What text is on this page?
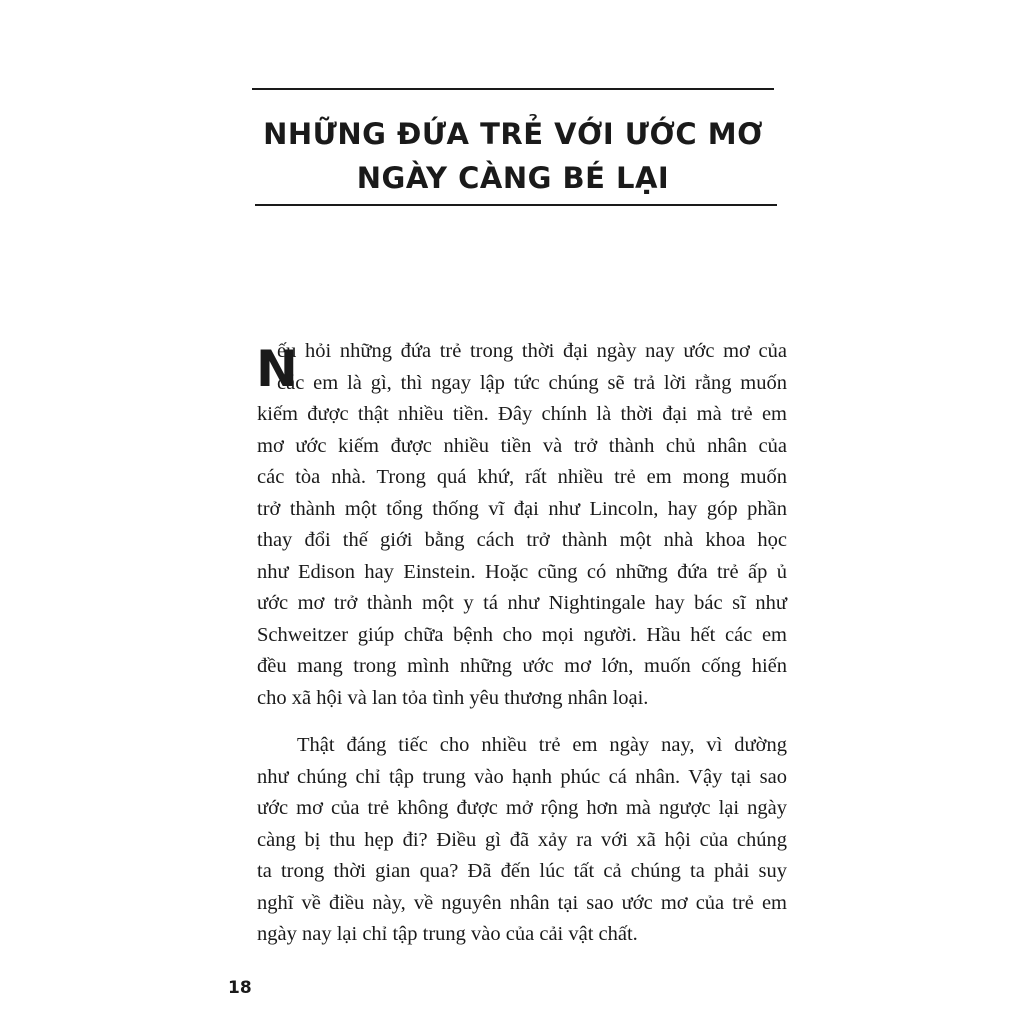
NHỮNG ĐỨA TRẺ VỚI ƯỚC MƠ
NGÀY CÀNG BÉ LẠI
N
ếu hỏi những đứa trẻ trong thời đại ngày nay ước mơ của
các em là gì, thì ngay lập tức chúng sẽ trả lời rằng muốn
kiếm được thật nhiều tiền. Đây chính là thời đại mà trẻ em
mơ ước kiếm được nhiều tiền và trở thành chủ nhân của
các tòa nhà. Trong quá khứ, rất nhiều trẻ em mong muốn
trở thành một tổng thống vĩ đại như Lincoln, hay góp phần
thay đổi thế giới bằng cách trở thành một nhà khoa học
như Edison hay Einstein. Hoặc cũng có những đứa trẻ ấp ủ
ước mơ trở thành một y tá như Nightingale hay bác sĩ như
Schweitzer giúp chữa bệnh cho mọi người. Hầu hết các em
đều mang trong mình những ước mơ lớn, muốn cống hiến
cho xã hội và lan tỏa tình yêu thương nhân loại.
Thật đáng tiếc cho nhiều trẻ em ngày nay, vì dường
như chúng chỉ tập trung vào hạnh phúc cá nhân. Vậy tại sao
ước mơ của trẻ không được mở rộng hơn mà ngược lại ngày
càng bị thu hẹp đi? Điều gì đã xảy ra với xã hội của chúng
ta trong thời gian qua? Đã đến lúc tất cả chúng ta phải suy
nghĩ về điều này, về nguyên nhân tại sao ước mơ của trẻ em
ngày nay lại chỉ tập trung vào của cải vật chất.
18
